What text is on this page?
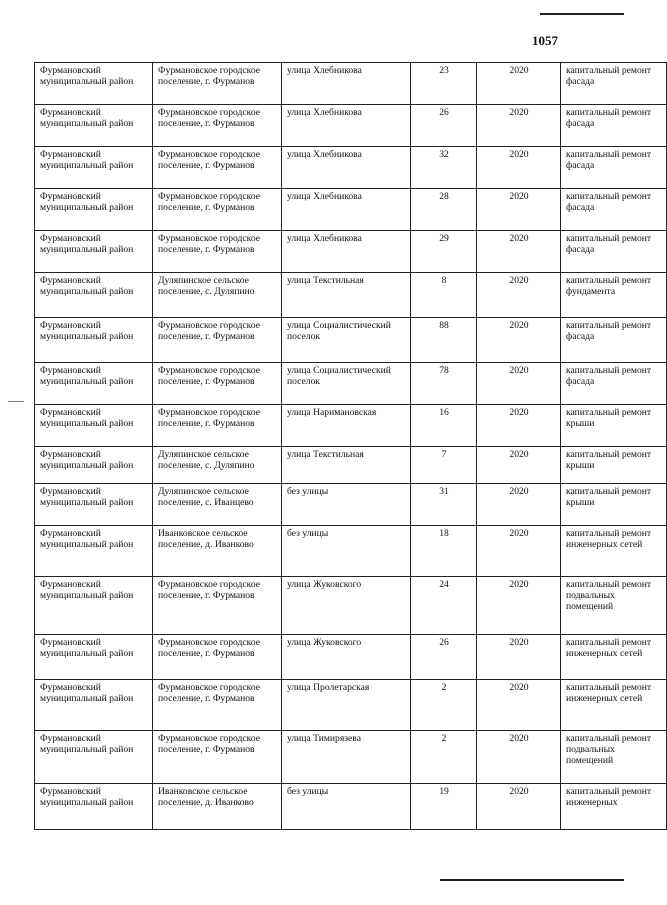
1057
Фурмановский муниципальный район	Фурмановское городское поселение, г. Фурманов	улица Хлебникова	23	2020	капитальный ремонт фасада
Фурмановский муниципальный район	Фурмановское городское поселение, г. Фурманов	улица Хлебникова	26	2020	капитальный ремонт фасада
Фурмановский муниципальный район	Фурмановское городское поселение, г. Фурманов	улица Хлебникова	32	2020	капитальный ремонт фасада
Фурмановский муниципальный район	Фурмановское городское поселение, г. Фурманов	улица Хлебникова	28	2020	капитальный ремонт фасада
Фурмановский муниципальный район	Фурмановское городское поселение, г. Фурманов	улица Хлебникова	29	2020	капитальный ремонт фасада
Фурмановский муниципальный район	Дуляпинское сельское поселение, с. Дуляпино	улица Текстильная	8	2020	капитальный ремонт фундамента
Фурмановский муниципальный район	Фурмановское городское поселение, г. Фурманов	улица Социалистический поселок	88	2020	капитальный ремонт фасада
Фурмановский муниципальный район	Фурмановское городское поселение, г. Фурманов	улица Социалистический поселок	78	2020	капитальный ремонт фасада
Фурмановский муниципальный район	Фурмановское городское поселение, г. Фурманов	улица Наримановская	16	2020	капитальный ремонт крыши
Фурмановский муниципальный район	Дуляпинское сельское поселение, с. Дуляпино	улица Текстильная	7	2020	капитальный ремонт крыши
Фурмановский муниципальный район	Дуляпинское сельское поселение, с. Иванцево	без улицы	31	2020	капитальный ремонт крыши
Фурмановский муниципальный район	Иванковское сельское поселение, д. Иванково	без улицы	18	2020	капитальный ремонт инженерных сетей
Фурмановский муниципальный район	Фурмановское городское поселение, г. Фурманов	улица Жуковского	24	2020	капитальный ремонт подвальных помещений
Фурмановский муниципальный район	Фурмановское городское поселение, г. Фурманов	улица Жуковского	26	2020	капитальный ремонт инженерных сетей
Фурмановский муниципальный район	Фурмановское городское поселение, г. Фурманов	улица Пролетарская	2	2020	капитальный ремонт инженерных сетей
Фурмановский муниципальный район	Фурмановское городское поселение, г. Фурманов	улица Тимирязева	2	2020	капитальный ремонт подвальных помещений
Фурмановский муниципальный район	Иванковское сельское поселение, д. Иванково	без улицы	19	2020	капитальный ремонт инженерных
